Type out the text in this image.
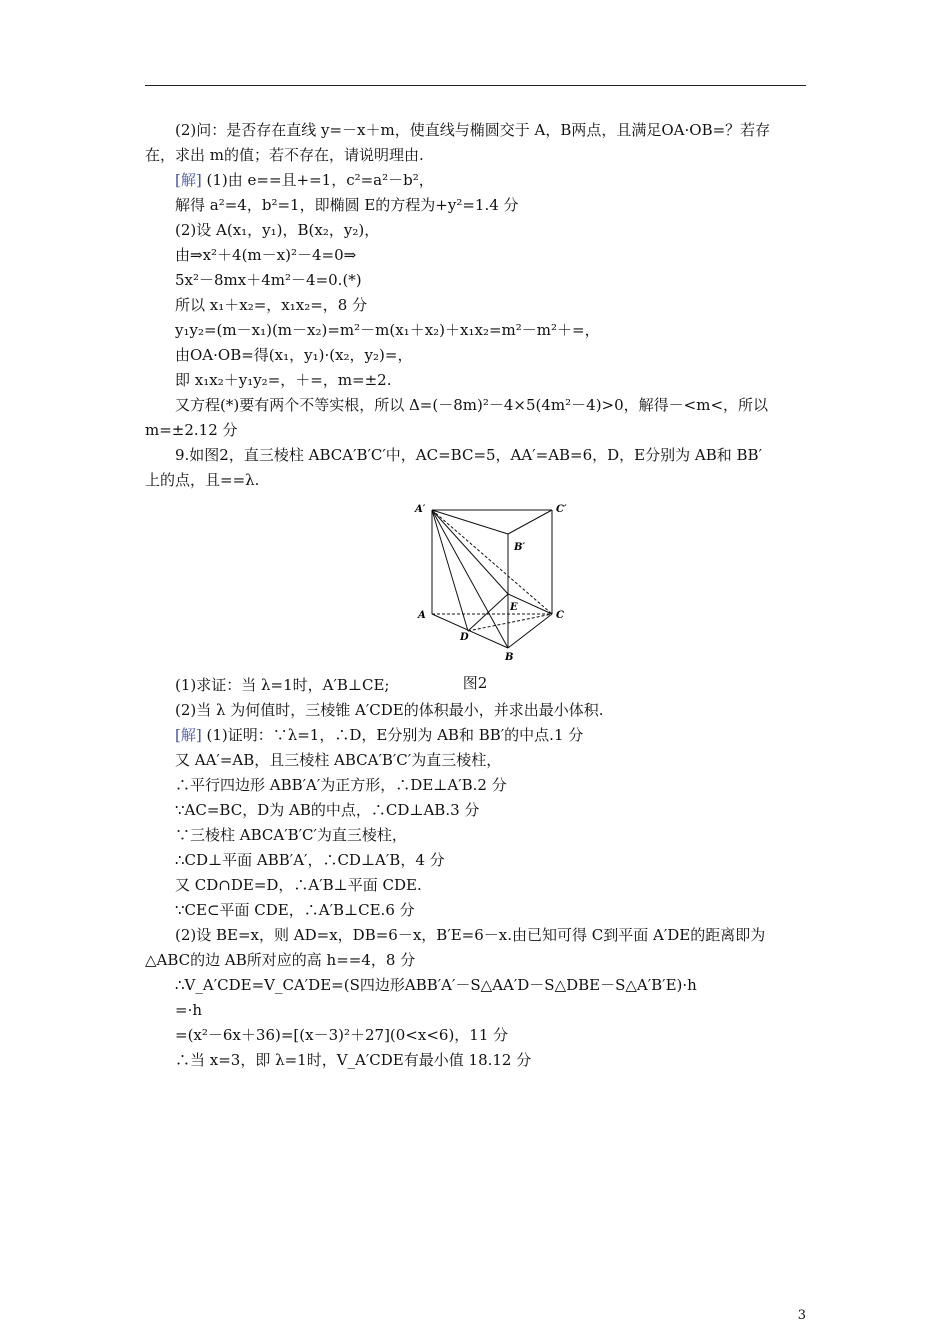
(2)问：是否存在直线 y=－x＋m，使直线与椭圆交于 A，B两点，且满足OA·OB=？若存
在，求出 m的值；若不存在，请说明理由.
[解] (1)由 e==且+=1，c²=a²－b²，
解得 a²=4，b²=1，即椭圆 E的方程为+y²=1.4 分
(2)设 A(x₁，y₁)，B(x₂，y₂)，
由⇒x²＋4(m－x)²－4=0⇒
5x²－8mx＋4m²－4=0.(*)
所以 x₁＋x₂=，x₁x₂=，8 分
y₁y₂=(m－x₁)(m－x₂)=m²－m(x₁＋x₂)＋x₁x₂=m²－m²＋=，
由OA·OB=得(x₁，y₁)·(x₂，y₂)=，
即 x₁x₂＋y₁y₂=，＋=，m=±2.
又方程(*)要有两个不等实根，所以 Δ=(－8m)²－4×5(4m²－4)>0，解得－<m<，所以
m=±2.12 分
9.如图2，直三棱柱 ABCA′B′C′中，AC=BC=5，AA′=AB=6，D，E分别为 AB和 BB′
上的点，且==λ.
(1)求证：当 λ=1时，A′B⊥CE;
(2)当 λ 为何值时，三棱锥 A′CDE的体积最小，并求出最小体积.
[解] (1)证明：∵λ=1，∴D，E分别为 AB和 BB′的中点.1 分
又 AA′=AB，且三棱柱 ABCA′B′C′为直三棱柱，
∴平行四边形 ABB′A′为正方形，∴DE⊥A′B.2 分
∵AC=BC，D为 AB的中点，∴CD⊥AB.3 分
∵三棱柱 ABCA′B′C′为直三棱柱，
∴CD⊥平面 ABB′A′，∴CD⊥A′B，4 分
又 CD∩DE=D，∴A′B⊥平面 CDE.
∵CE⊂平面 CDE，∴A′B⊥CE.6 分
(2)设 BE=x，则 AD=x，DB=6－x，B′E=6－x.由已知可得 C到平面 A′DE的距离即为
△ABC的边 AB所对应的高 h==4，8 分
∴V_A′CDE=V_CA′DE=(S四边形ABB′A′－S△AA′D－S△DBE－S△A′B′E)·h
=·h
=(x²－6x＋36)=[(x－3)²＋27](0<x<6)，11 分
∴当 x=3，即 λ=1时，V_A′CDE有最小值 18.12 分
A′	C′
B′
A	C
E
D
B
图2
3
